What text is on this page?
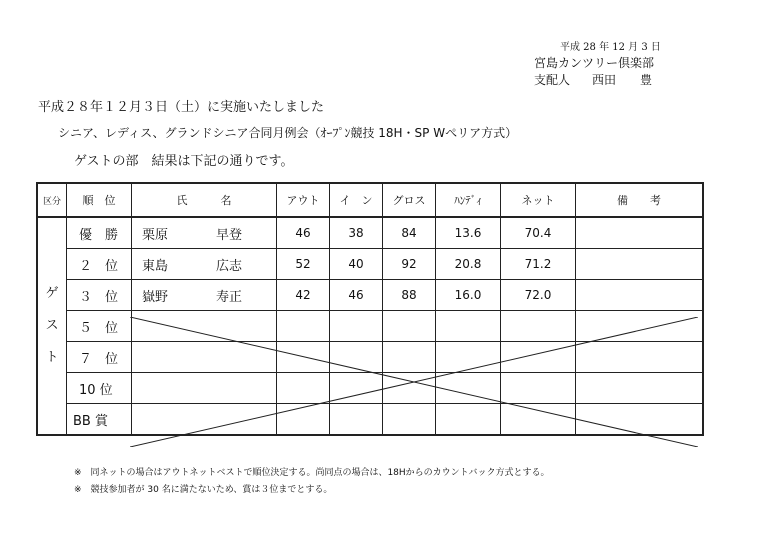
平成 28 年 12 月 3 日
宮島カンツリー倶楽部
支配人 西田 豊
平成２８年１２月３日（土）に実施いたしました
シニア、レディス、グランドシニア合同月例会（ｵｰﾌﾟﾝ競技 18H・SP Wぺリア方式）
ゲストの部　結果は下記の通りです。
区分	順　位	氏　　　名	アウト	イ　ン	グロス	ﾊﾝﾃﾞｨ	ネット	備　　考

ゲ
ス
ト	優　勝	栗原 早登	46	38	84	13.6	70.4	
	２　位	東島 広志	52	40	92	20.8	71.2	
	３　位	嶽野 寿正	42	46	88	16.0	72.0	
	５　位							
	７　位							
	10 位							
	BB 賞							
※　同ネットの場合はアウトネットベストで順位決定する。尚同点の場合は、18Hからのカウントバック方式とする。
※　競技参加者が 30 名に満たないため、賞は３位までとする。
